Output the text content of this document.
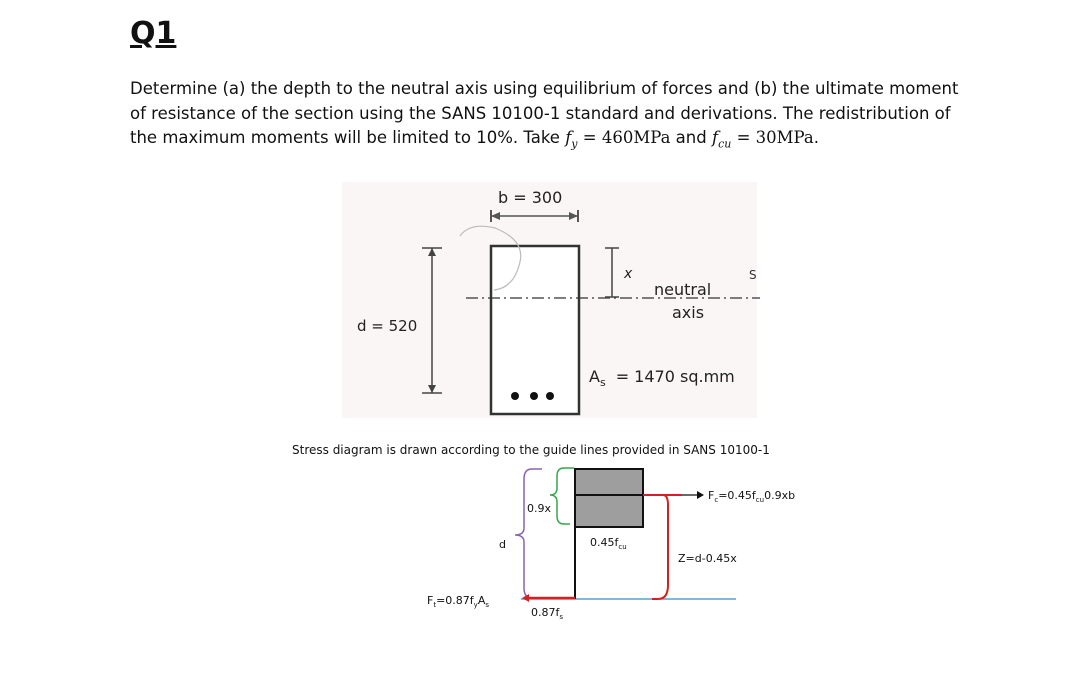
Q1
Determine (a) the depth to the neutral axis using equilibrium of forces and (b) the ultimate moment
of resistance of the section using the SANS 10100-1 standard and derivations. The redistribution of
the maximum moments will be limited to 10%. Take $f_y = 460MPa$ and $f_{cu} = 30MPa$.
b = 300
d = 520
x
neutral
axis
S
$A_s = 1470$ sq.mm
Stress diagram is drawn according to the guide lines provided in SANS 10100-1
0.9x
d	$0.45f_{cu}$
$F_c=0.45f_{cu}0.9xb$
Z=d-0.45x
$F_t=0.87f_yA_s$
$0.87f_s$
